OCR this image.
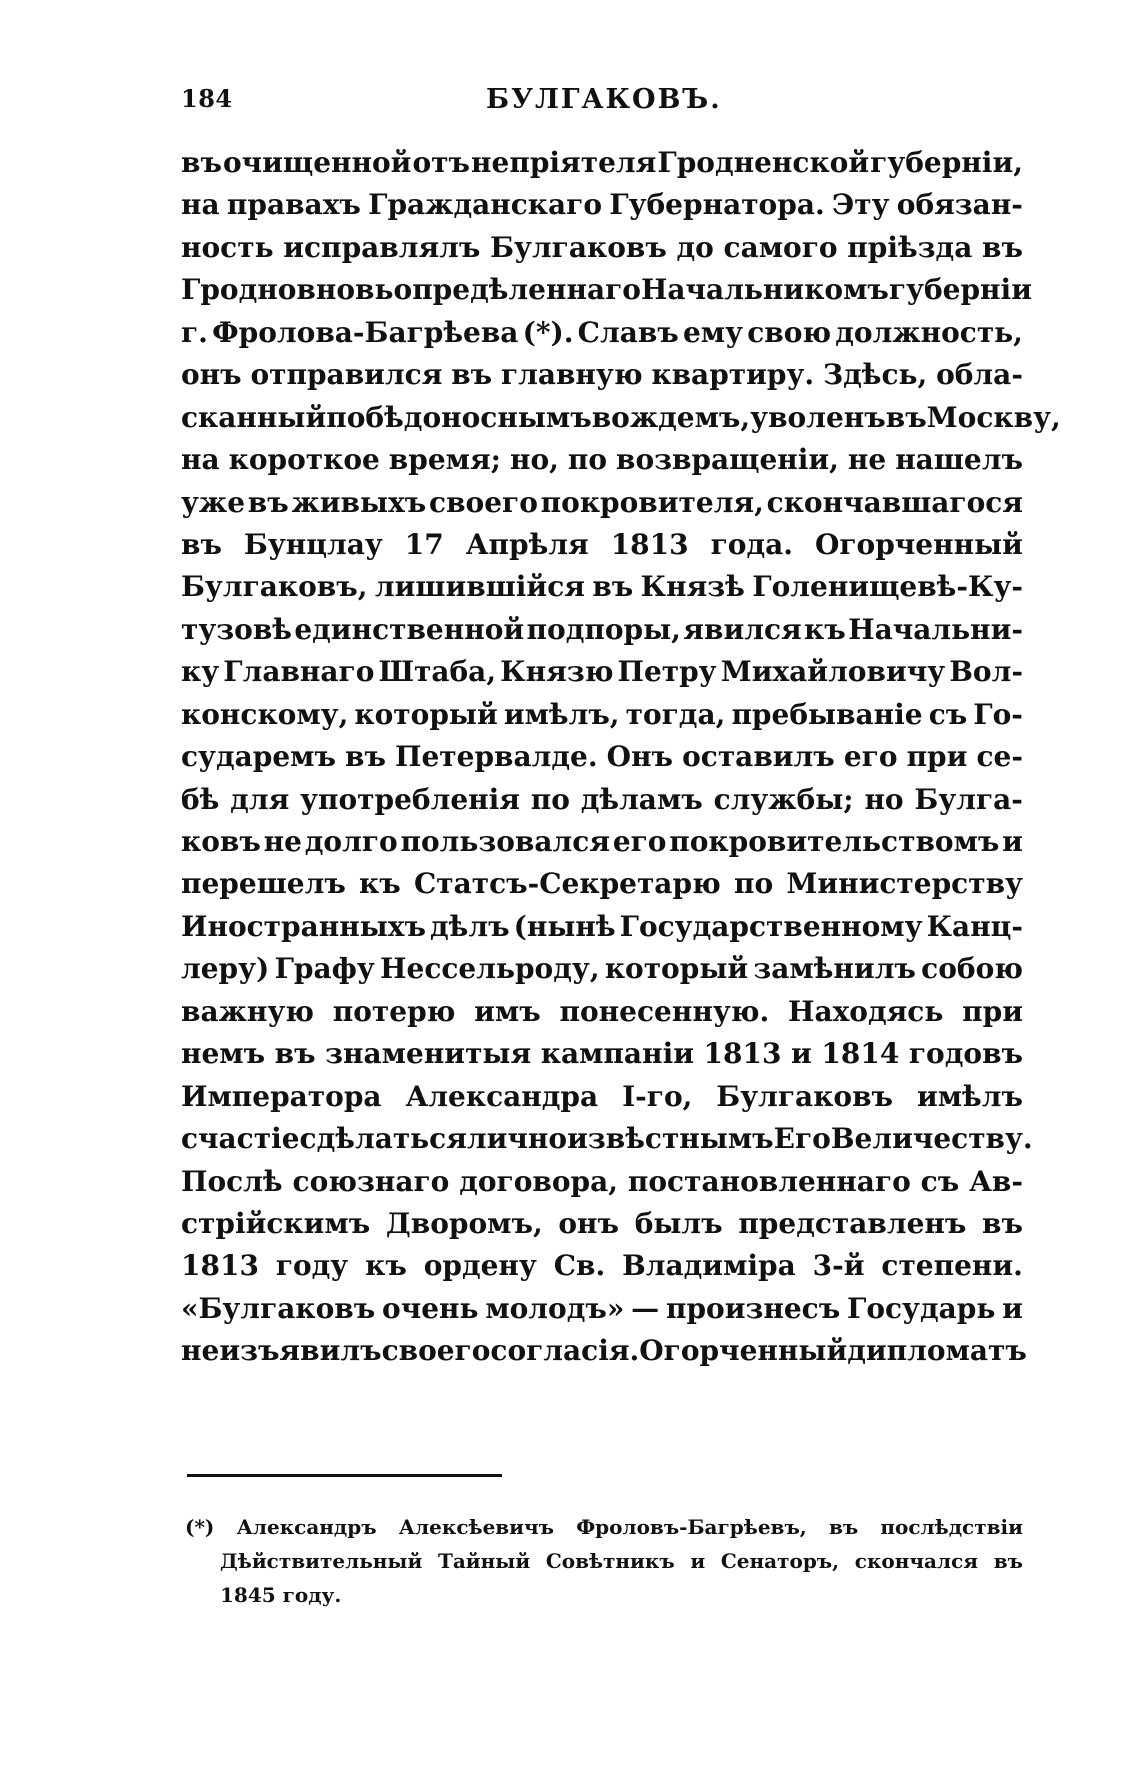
184	БУЛГАКОВЪ.
въ очищенной отъ непріятеля Гродненской губерніи,
на правахъ Гражданскаго Губернатора. Эту обязан-
ность исправлялъ Булгаковъ до самого пріѣзда въ
Гродно вновь опредѣленнаго Начальникомъ губерніи
г. Фролова-Багрѣева (*). Славъ ему свою должность,
онъ отправился въ главную квартиру. Здѣсь, обла-
сканный побѣдоноснымъ вождемъ, уволенъ въ Москву,
на короткое время; но, по возвращеніи, не нашелъ
уже въ живыхъ своего покровителя, скончавшагося
въ Бунцлау 17 Апрѣля 1813 года. Огорченный
Булгаковъ, лишившійся въ Князѣ Голенищевѣ-Ку-
тузовѣ единственной подпоры, явился къ Начальни-
ку Главнаго Штаба, Князю Петру Михайловичу Вол-
конскому, который имѣлъ, тогда, пребываніе съ Го-
сударемъ въ Петервалде. Онъ оставилъ его при се-
бѣ для употребленія по дѣламъ службы; но Булга-
ковъ не долго пользовался его покровительствомъ и
перешелъ къ Статсъ-Секретарю по Министерству
Иностранныхъ дѣлъ (нынѣ Государственному Канц-
леру) Графу Нессельроду, который замѣнилъ собою
важную потерю имъ понесенную. Находясь при
немъ въ знаменитыя кампаніи 1813 и 1814 годовъ
Императора Александра I-го, Булгаковъ имѣлъ
счастіе сдѣлаться лично извѣстнымъ Его Величеству.
Послѣ союзнаго договора, постановленнаго съ Ав-
стрійскимъ Дворомъ, онъ былъ представленъ въ
1813 году къ ордену Св. Владиміра 3-й степени.
«Булгаковъ очень молодъ» — произнесъ Государь и
не изъявилъ своего согласія. Огорченный дипломатъ
(*) Александръ Алексѣевичъ Фроловъ-Багрѣевъ, въ послѣдствіи
Дѣйствительный Тайный Совѣтникъ и Сенаторъ, скончался въ
1845 году.
